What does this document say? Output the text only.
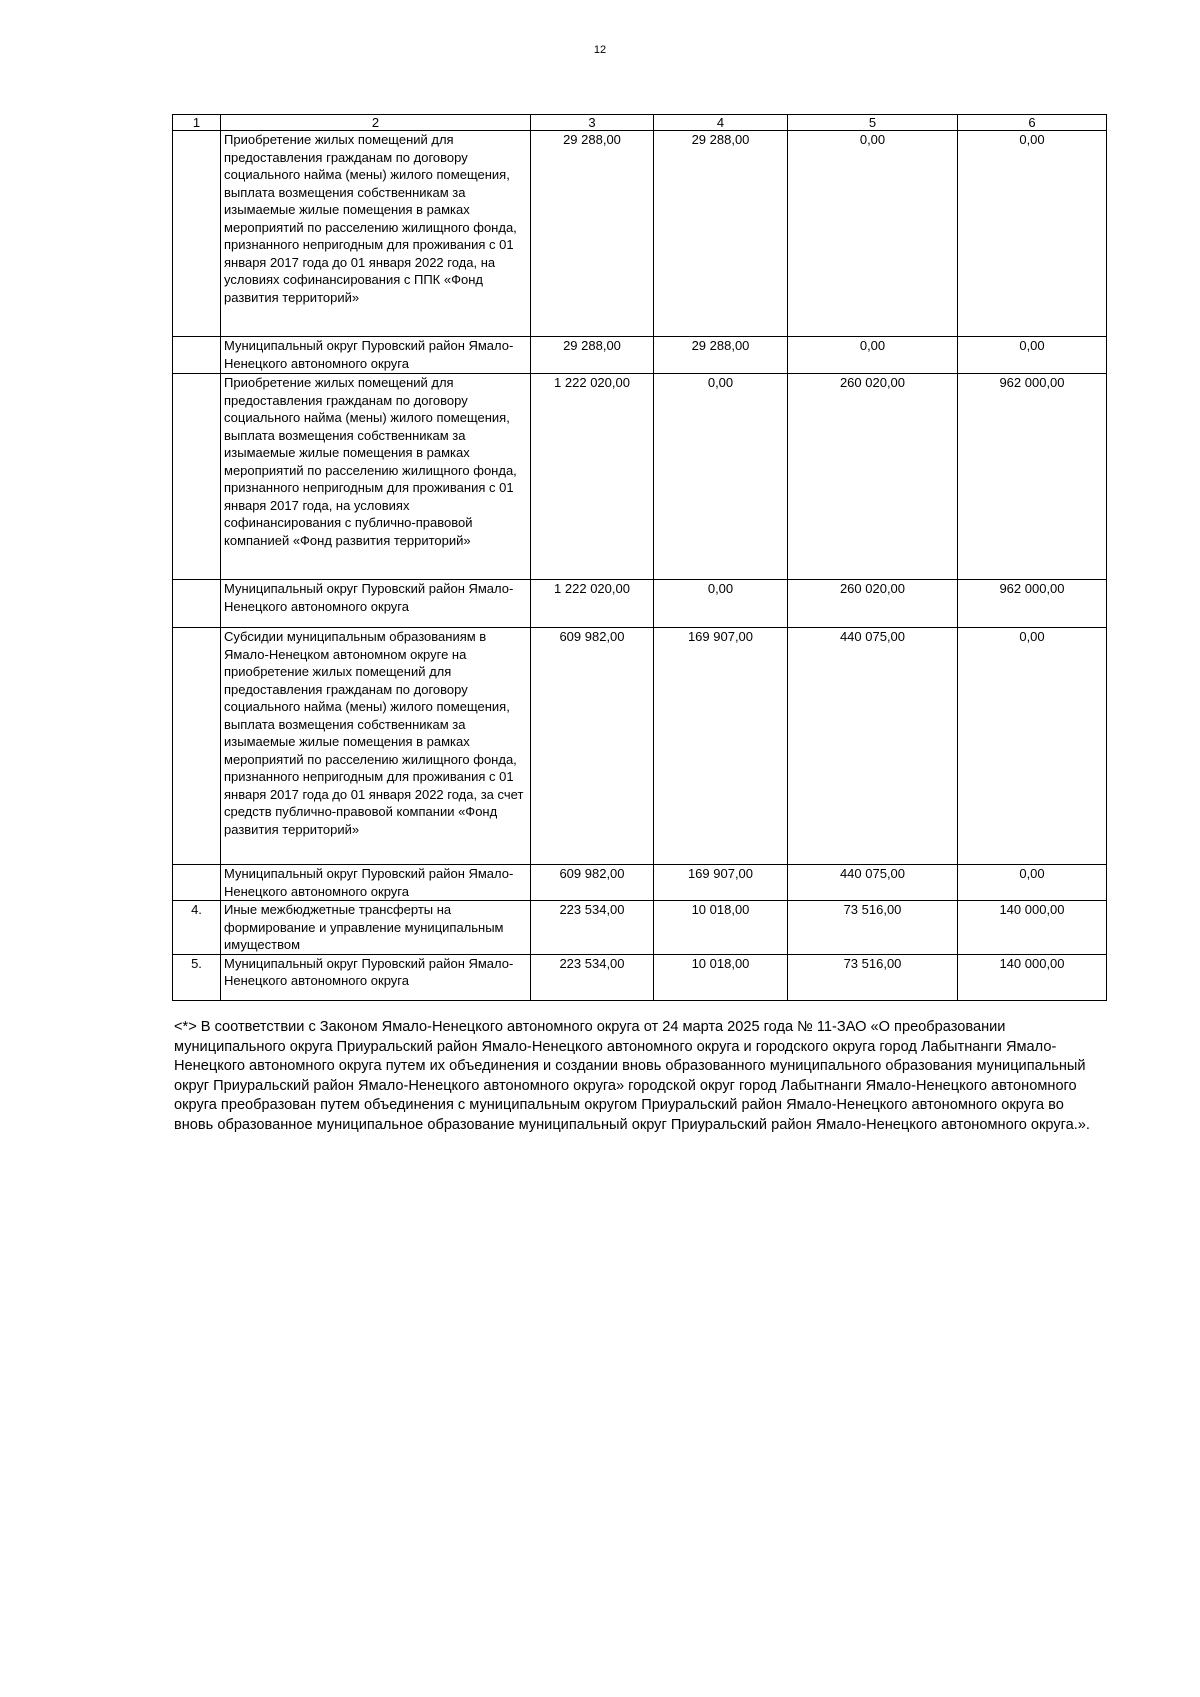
12
1	2	3	4	5	6
	Приобретение жилых помещений для предоставления гражданам по договору социального найма (мены) жилого помещения, выплата возмещения собственникам за изымаемые жилые помещения в рамках мероприятий по расселению жилищного фонда, признанного непригодным для проживания с 01 января 2017 года до 01 января 2022 года, на условиях софинансирования с ППК «Фонд развития территорий»	29 288,00	29 288,00	0,00	0,00
	Муниципальный округ Пуровский район Ямало-Ненецкого автономного округа	29 288,00	29 288,00	0,00	0,00
	Приобретение жилых помещений для предоставления гражданам по договору социального найма (мены) жилого помещения, выплата возмещения собственникам за изымаемые жилые помещения в рамках мероприятий по расселению жилищного фонда, признанного непригодным для проживания с 01 января 2017 года, на условиях софинансирования с публично-правовой компанией «Фонд развития территорий»	1 222 020,00	0,00	260 020,00	962 000,00
	Муниципальный округ Пуровский район Ямало-Ненецкого автономного округа	1 222 020,00	0,00	260 020,00	962 000,00
	Субсидии муниципальным образованиям в Ямало-Ненецком автономном округе на приобретение жилых помещений для предоставления гражданам по договору социального найма (мены) жилого помещения, выплата возмещения собственникам за изымаемые жилые помещения в рамках мероприятий по расселению жилищного фонда, признанного непригодным для проживания с 01 января 2017 года до 01 января 2022 года, за счет средств публично-правовой компании «Фонд развития территорий»	609 982,00	169 907,00	440 075,00	0,00
	Муниципальный округ Пуровский район Ямало-Ненецкого автономного округа	609 982,00	169 907,00	440 075,00	0,00
4.	Иные межбюджетные трансферты на формирование и управление муниципальным имуществом	223 534,00	10 018,00	73 516,00	140 000,00
5.	Муниципальный округ Пуровский район Ямало-Ненецкого автономного округа	223 534,00	10 018,00	73 516,00	140 000,00
<*> В соответствии с Законом Ямало-Ненецкого автономного округа от 24 марта 2025 года № 11-ЗАО «О преобразовании муниципального округа Приуральский район Ямало-Ненецкого автономного округа и городского округа город Лабытнанги Ямало-Ненецкого автономного округа путем их объединения и создании вновь образованного муниципального образования муниципальный округ Приуральский район Ямало-Ненецкого автономного округа» городской округ город Лабытнанги Ямало-Ненецкого автономного округа преобразован путем объединения с муниципальным округом Приуральский район Ямало-Ненецкого автономного округа во вновь образованное муниципальное образование муниципальный округ Приуральский район Ямало-Ненецкого автономного округа.».
